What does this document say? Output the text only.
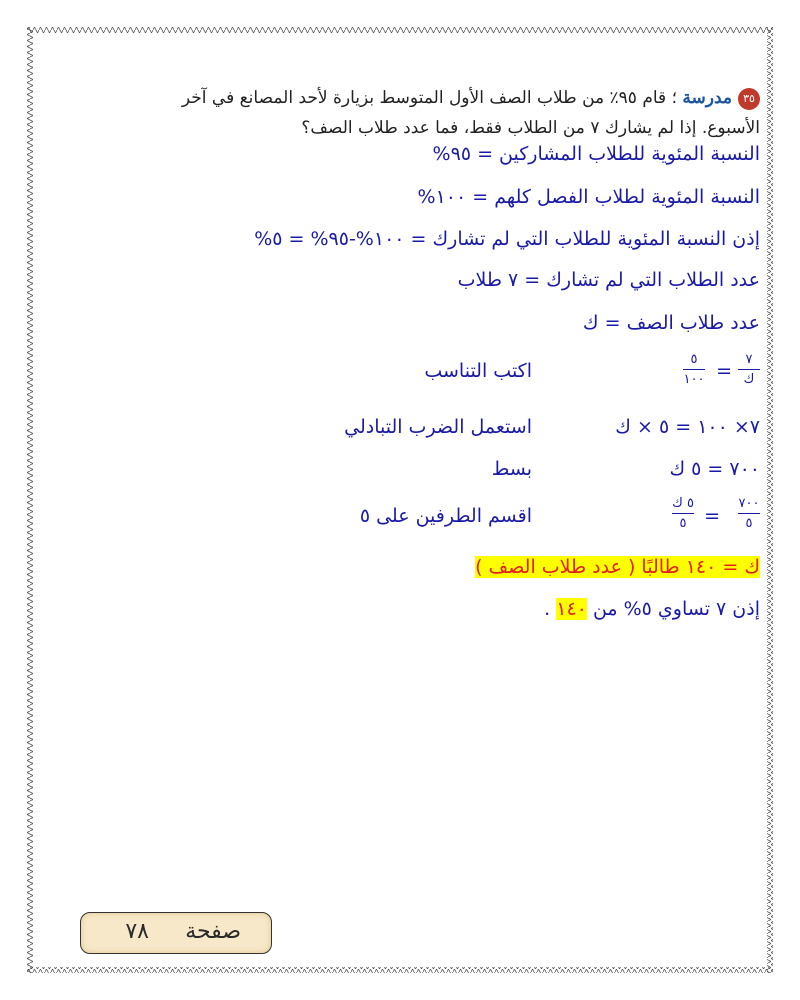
٣٥مدرسة ؛ قام ٩٥٪ من طلاب الصف الأول المتوسط بزيارة لأحد المصانع في آخر الأسبوع. إذا لم يشارك ٧ من الطلاب فقط، فما عدد طلاب الصف؟
النسبة المئوية للطلاب المشاركين = ٩٥%
النسبة المئوية لطلاب الفصل كلهم = ١٠٠%
إذن النسبة المئوية للطلاب التي لم تشارك = ١٠٠%-٩٥% = ٥%
عدد الطلاب التي لم تشارك = ٧ طلاب
عدد طلاب الصف = ك
٧
ك
=
٥
١٠٠
اكتب التناسب
٧× ١٠٠ = ٥ × ك
استعمل الضرب التبادلي
٧٠٠ = ٥ ك
بسط
٧٠٠
٥
=
٥ ك
٥
اقسم الطرفين على ٥
ك = ١٤٠ طالبًا ( عدد طلاب الصف )
إذن ٧ تساوي ٥% من ١٤٠ .
صفحة
٧٨
